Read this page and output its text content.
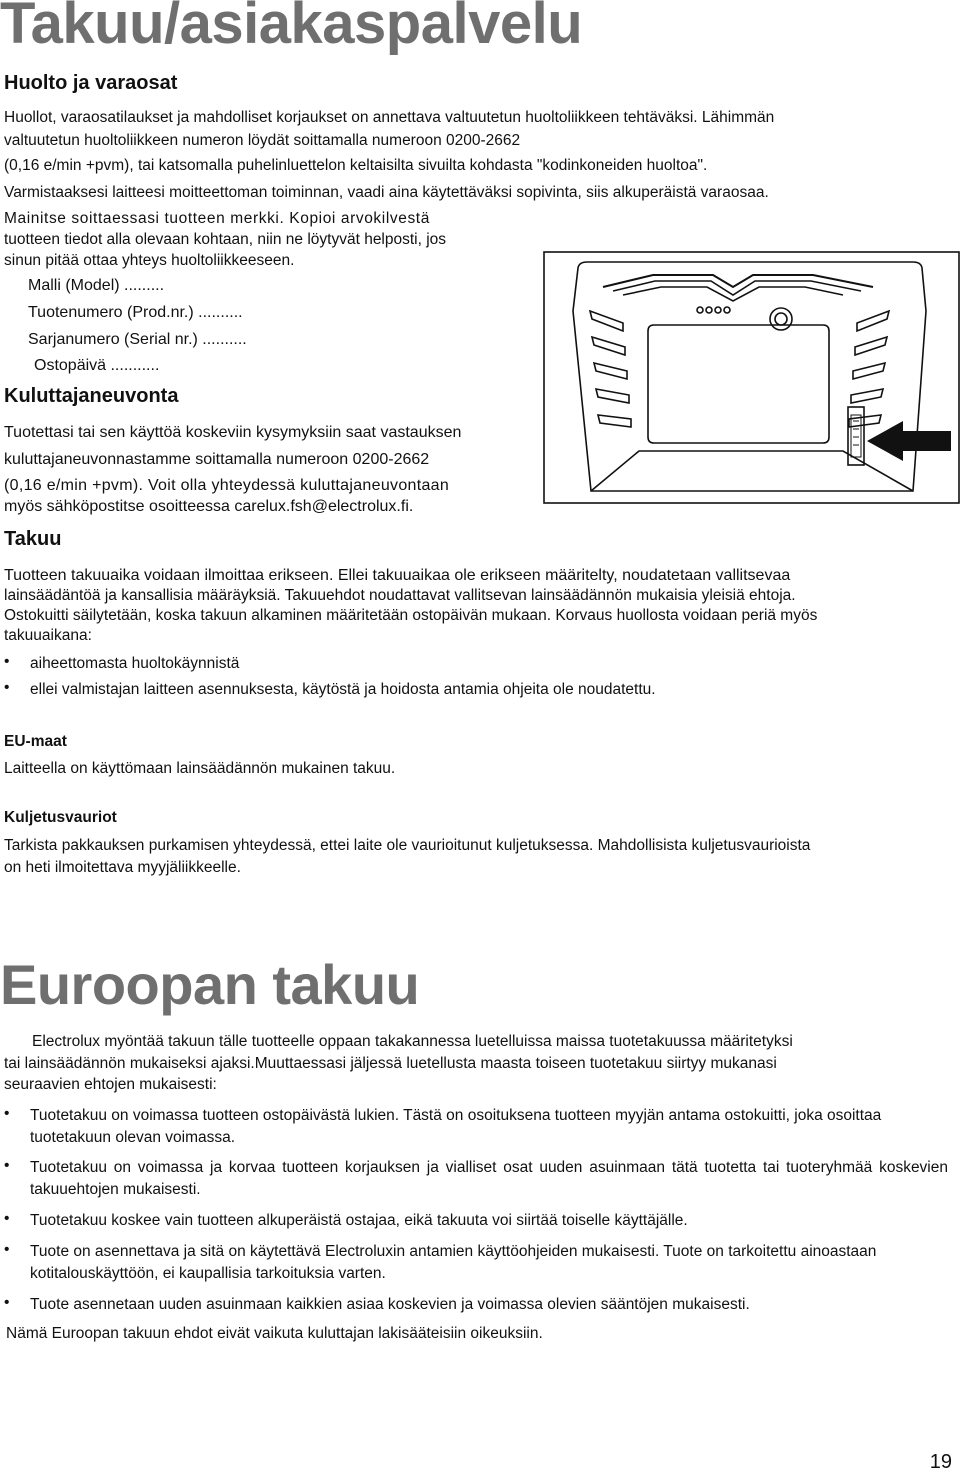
Takuu/asiakaspalvelu
Huolto ja varaosat
Huollot, varaosatilaukset ja mahdolliset korjaukset on annettava valtuutetun huoltoliikkeen tehtäväksi. Lähimmän
valtuutetun huoltoliikkeen numeron löydät soittamalla numeroon 0200-2662
(0,16 e/min +pvm), tai katsomalla puhelinluettelon keltaisilta sivuilta kohdasta "kodinkoneiden huoltoa".
Varmistaaksesi laitteesi moitteettoman toiminnan, vaadi aina käytettäväksi sopivinta, siis alkuperäistä varaosaa.
Mainitse soittaessasi tuotteen merkki. Kopioi arvokilvestä
tuotteen tiedot alla olevaan kohtaan, niin ne löytyvät helposti, jos
sinun pitää ottaa yhteys huoltoliikkeeseen.
Malli (Model) .........
Tuotenumero (Prod.nr.) ..........
Sarjanumero (Serial nr.) ..........
Ostopäivä ...........
Kuluttajaneuvonta
Tuotettasi tai sen käyttöä koskeviin kysymyksiin saat vastauksen
kuluttajaneuvonnastamme soittamalla numeroon 0200-2662
(0,16 e/min +pvm). Voit olla yhteydessä kuluttajaneuvontaan
myös sähköpostitse osoitteessa carelux.fsh@electrolux.fi.
Takuu
Tuotteen takuuaika voidaan ilmoittaa erikseen. Ellei takuuaikaa ole erikseen määritelty, noudatetaan vallitsevaa
lainsäädäntöä ja kansallisia määräyksiä. Takuuehdot noudattavat vallitsevan lainsäädännön mukaisia yleisiä ehtoja.
Ostokuitti säilytetään, koska takuun alkaminen määritetään ostopäivän mukaan. Korvaus huollosta voidaan periä myös
takuuaikana:
• aiheettomasta huoltokäynnistä
• ellei valmistajan laitteen asennuksesta, käytöstä ja hoidosta antamia ohjeita ole noudatettu.
EU-maat
Laitteella on käyttömaan lainsäädännön mukainen takuu.
Kuljetusvauriot
Tarkista pakkauksen purkamisen yhteydessä, ettei laite ole vaurioitunut kuljetuksessa. Mahdollisista kuljetusvaurioista
on heti ilmoitettava myyjäliikkeelle.
Euroopan takuu
Electrolux myöntää takuun tälle tuotteelle oppaan takakannessa luetelluissa maissa tuotetakuussa määritetyksi
tai lainsäädännön mukaiseksi ajaksi.Muuttaessasi jäljessä luetellusta maasta toiseen tuotetakuu siirtyy mukanasi
seuraavien ehtojen mukaisesti:
• Tuotetakuu on voimassa tuotteen ostopäivästä lukien. Tästä on osoituksena tuotteen myyjän antama ostokuitti, joka osoittaa tuotetakuun olevan voimassa.
• Tuotetakuu on voimassa ja korvaa tuotteen korjauksen ja vialliset osat uuden asuinmaan tätä tuotetta tai tuoteryhmää koskevien takuuehtojen mukaisesti.
• Tuotetakuu koskee vain tuotteen alkuperäistä ostajaa, eikä takuuta voi siirtää toiselle käyttäjälle.
• Tuote on asennettava ja sitä on käytettävä Electroluxin antamien käyttöohjeiden mukaisesti. Tuote on tarkoitettu ainoastaan kotitalouskäyttöön, ei kaupallisia tarkoituksia varten.
• Tuote asennetaan uuden asuinmaan kaikkien asiaa koskevien ja voimassa olevien sääntöjen mukaisesti.
Nämä Euroopan takuun ehdot eivät vaikuta kuluttajan lakisääteisiin oikeuksiin.
19
